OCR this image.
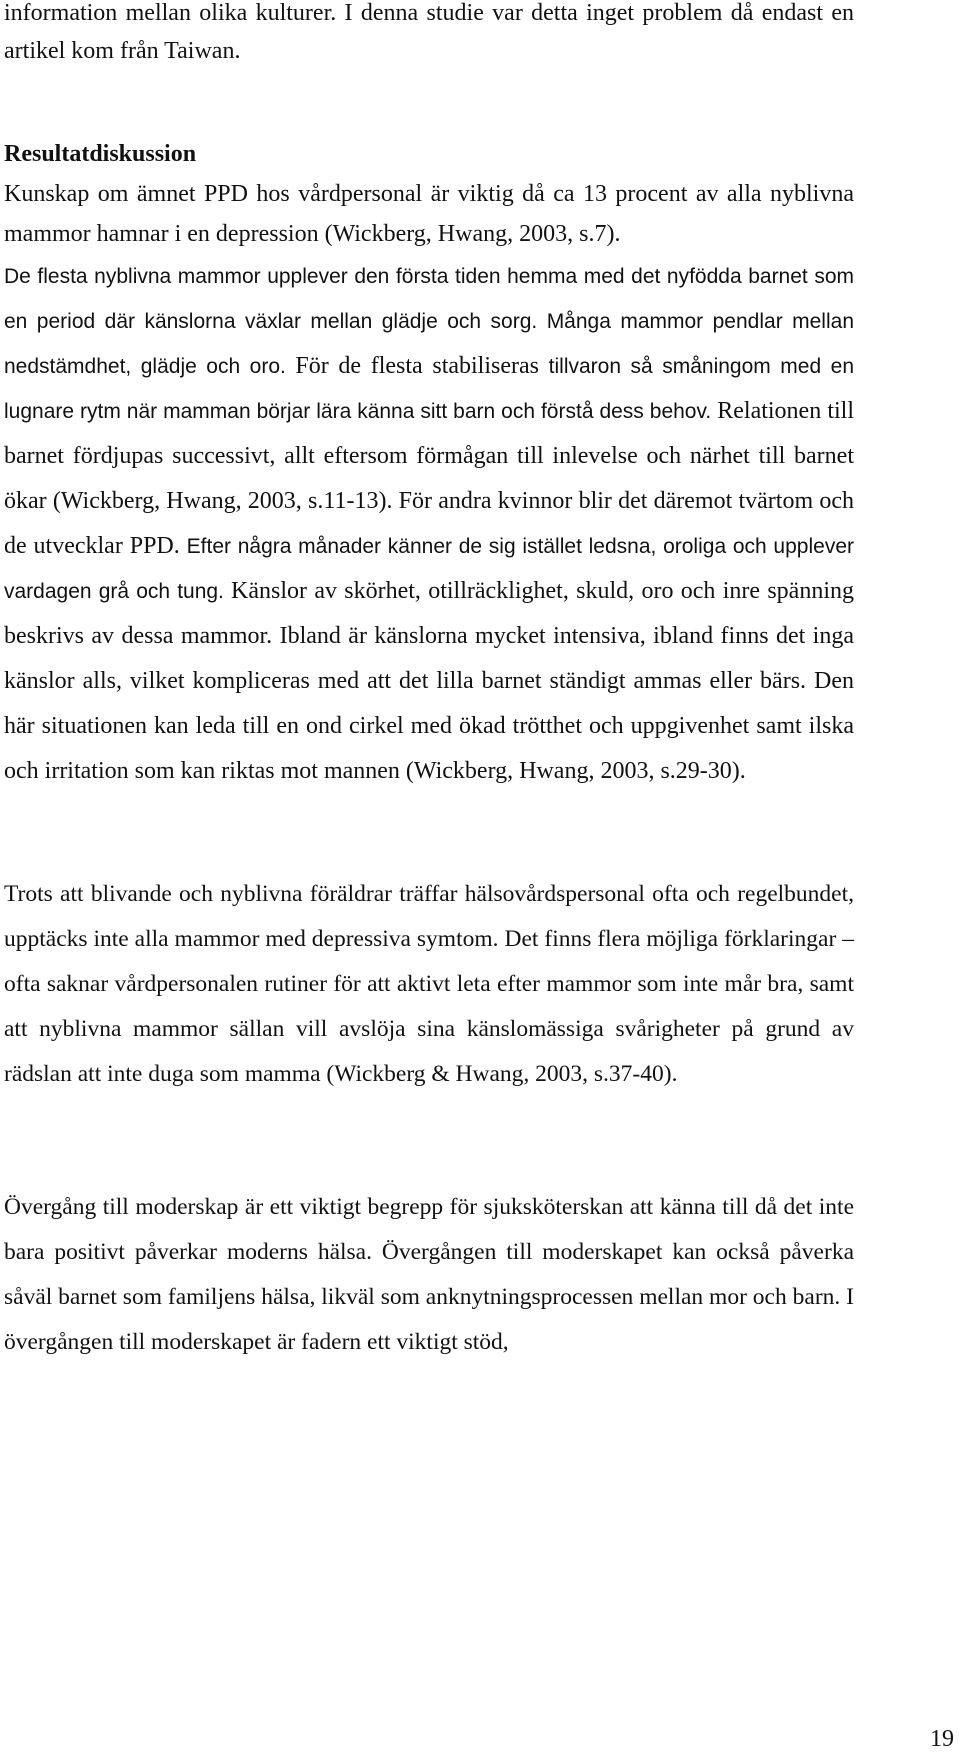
information mellan olika kulturer. I denna studie var detta inget problem då endast en artikel kom från Taiwan.

Resultatdiskussion

Kunskap om ämnet PPD hos vårdpersonal är viktig då ca 13 procent av alla nyblivna mammor hamnar i en depression (Wickberg, Hwang, 2003, s.7).

De flesta nyblivna mammor upplever den första tiden hemma med det nyfödda barnet som en period där känslorna växlar mellan glädje och sorg. Många mammor pendlar mellan nedstämdhet, glädje och oro. För de flesta stabiliseras tillvaron så småningom med en lugnare rytm när mamman börjar lära känna sitt barn och förstå dess behov. Relationen till barnet fördjupas successivt, allt eftersom förmågan till inlevelse och närhet till barnet ökar (Wickberg, Hwang, 2003, s.11-13). För andra kvinnor blir det däremot tvärtom och de utvecklar PPD. Efter några månader känner de sig istället ledsna, oroliga och upplever vardagen grå och tung. Känslor av skörhet, otillräcklighet, skuld, oro och inre spänning beskrivs av dessa mammor. Ibland är känslorna mycket intensiva, ibland finns det inga känslor alls, vilket kompliceras med att det lilla barnet ständigt ammas eller bärs. Den här situationen kan leda till en ond cirkel med ökad trötthet och uppgivenhet samt ilska och irritation som kan riktas mot mannen (Wickberg, Hwang, 2003, s.29-30).

Trots att blivande och nyblivna föräldrar träffar hälsovårdspersonal ofta och regelbundet, upptäcks inte alla mammor med depressiva symtom. Det finns flera möjliga förklaringar – ofta saknar vårdpersonalen rutiner för att aktivt leta efter mammor som inte mår bra, samt att nyblivna mammor sällan vill avslöja sina känslomässiga svårigheter på grund av rädslan att inte duga som mamma (Wickberg & Hwang, 2003, s.37-40).

Övergång till moderskap är ett viktigt begrepp för sjuksköterskan att känna till då det inte bara positivt påverkar moderns hälsa. Övergången till moderskapet kan också påverka såväl barnet som familjens hälsa, likväl som anknytningsprocessen mellan mor och barn. I övergången till moderskapet är fadern ett viktigt stöd,

19
